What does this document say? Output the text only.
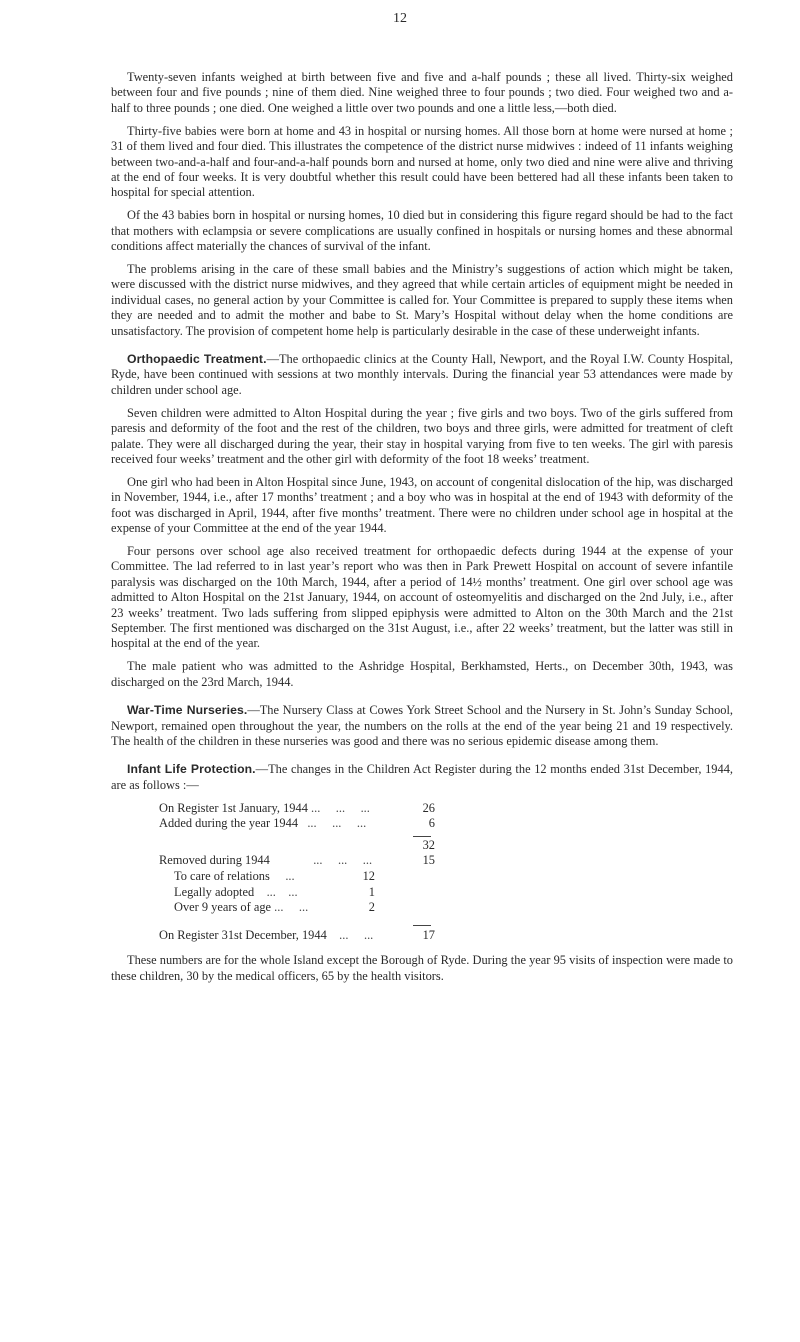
12

Twenty-seven infants weighed at birth between five and five and a-half pounds ; these all lived. Thirty-six weighed between four and five pounds ; nine of them died. Nine weighed three to four pounds ; two died. Four weighed two and a-half to three pounds ; one died. One weighed a little over two pounds and one a little less,—both died.

Thirty-five babies were born at home and 43 in hospital or nursing homes. All those born at home were nursed at home ; 31 of them lived and four died. This illustrates the competence of the district nurse midwives : indeed of 11 infants weighing between two-and-a-half and four-and-a-half pounds born and nursed at home, only two died and nine were alive and thriving at the end of four weeks. It is very doubtful whether this result could have been bettered had all these infants been taken to hospital for special attention.

Of the 43 babies born in hospital or nursing homes, 10 died but in considering this figure regard should be had to the fact that mothers with eclampsia or severe complications are usually confined in hospitals or nursing homes and these abnormal conditions affect materially the chances of survival of the infant.

The problems arising in the care of these small babies and the Ministry’s suggestions of action which might be taken, were discussed with the district nurse midwives, and they agreed that while certain articles of equipment might be needed in individual cases, no general action by your Committee is called for. Your Committee is prepared to supply these items when they are needed and to admit the mother and babe to St. Mary’s Hospital without delay when the home conditions are unsatisfactory. The provision of competent home help is particularly desirable in the case of these underweight infants.

Orthopaedic Treatment.—The orthopaedic clinics at the County Hall, Newport, and the Royal I.W. County Hospital, Ryde, have been continued with sessions at two monthly intervals. During the financial year 53 attendances were made by children under school age.

Seven children were admitted to Alton Hospital during the year ; five girls and two boys. Two of the girls suffered from paresis and deformity of the foot and the rest of the children, two boys and three girls, were admitted for treatment of cleft palate. They were all discharged during the year, their stay in hospital varying from five to ten weeks. The girl with paresis received four weeks’ treatment and the other girl with deformity of the foot 18 weeks’ treatment.

One girl who had been in Alton Hospital since June, 1943, on account of congenital dislocation of the hip, was discharged in November, 1944, i.e., after 17 months’ treatment ; and a boy who was in hospital at the end of 1943 with deformity of the foot was discharged in April, 1944, after five months’ treatment. There were no children under school age in hospital at the expense of your Committee at the end of the year 1944.

Four persons over school age also received treatment for orthopaedic defects during 1944 at the expense of your Committee. The lad referred to in last year’s report who was then in Park Prewett Hospital on account of severe infantile paralysis was discharged on the 10th March, 1944, after a period of 14½ months’ treatment. One girl over school age was admitted to Alton Hospital on the 21st January, 1944, on account of osteomyelitis and discharged on the 2nd July, i.e., after 23 weeks’ treatment. Two lads suffering from slipped epiphysis were admitted to Alton on the 30th March and the 21st September. The first mentioned was discharged on the 31st August, i.e., after 22 weeks’ treatment, but the latter was still in hospital at the end of the year.

The male patient who was admitted to the Ashridge Hospital, Berkhamsted, Herts., on December 30th, 1943, was discharged on the 23rd March, 1944.

War-Time Nurseries.—The Nursery Class at Cowes York Street School and the Nursery in St. John’s Sunday School, Newport, remained open throughout the year, the numbers on the rolls at the end of the year being 21 and 19 respectively. The health of the children in these nurseries was good and there was no serious epidemic disease among them.

Infant Life Protection.—The changes in the Children Act Register during the 12 months ended 31st December, 1944, are as follows :—

On Register 1st January, 1944 ...     ...     ...	26
Added during the year 1944   ...     ...     ...	6
32
Removed during 1944              ...     ...     ...	15
To care of relations     ...	12
Legally adopted    ...    ...	1
Over 9 years of age ...     ...	2
On Register 31st December, 1944    ...     ...	17

These numbers are for the whole Island except the Borough of Ryde. During the year 95 visits of inspection were made to these children, 30 by the medical officers, 65 by the health visitors.
